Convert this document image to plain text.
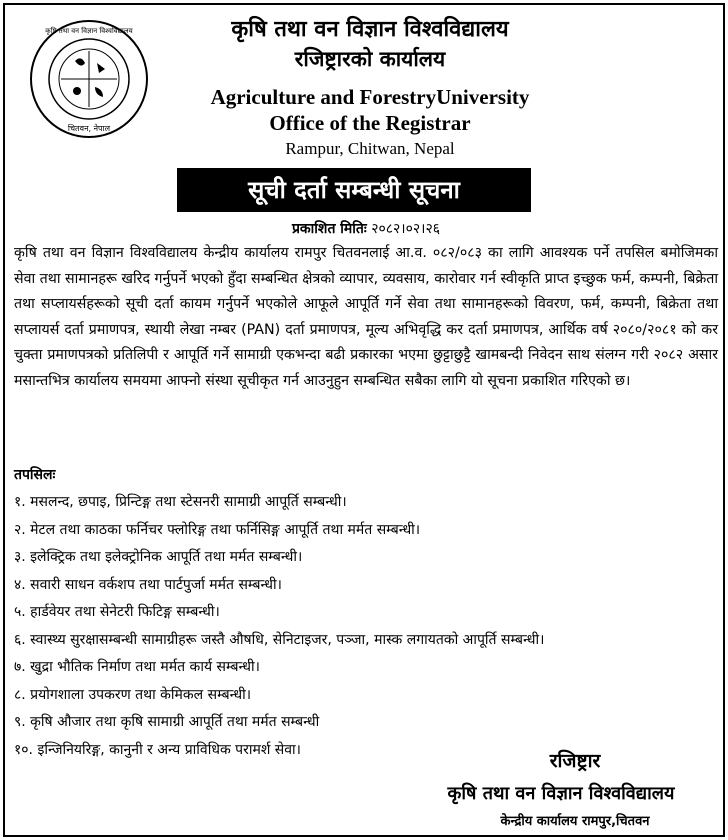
कृषि तथा वन विज्ञान विश्वविद्यालय
चितवन, नेपाल
कृषि तथा वन विज्ञान विश्वविद्यालय
रजिष्ट्रारको कार्यालय
Agriculture and ForestryUniversity
Office of the Registrar
Rampur, Chitwan, Nepal
सूची दर्ता सम्बन्धी सूचना
प्रकाशित मितिः २०८२।०२।२६

कृषि तथा वन विज्ञान विश्वविद्यालय केन्द्रीय कार्यालय रामपुर चितवनलाई आ.व. ०८२/०८३ का लागि आवश्यक पर्ने तपसिल बमोजिमका सेवा तथा सामानहरू खरिद गर्नुपर्ने भएको हुँदा सम्बन्धित क्षेत्रको व्यापार, व्यवसाय, कारोवार गर्न स्वीकृति प्राप्त इच्छुक फर्म, कम्पनी, बिक्रेता तथा सप्लायर्सहरूको सूची दर्ता कायम गर्नुपर्ने भएकोले आफूले आपूर्ति गर्ने सेवा तथा सामानहरूको विवरण, फर्म, कम्पनी, बिक्रेता तथा सप्लायर्स दर्ता प्रमाणपत्र, स्थायी लेखा नम्बर (PAN) दर्ता प्रमाणपत्र, मूल्य अभिवृद्धि कर दर्ता प्रमाणपत्र, आर्थिक वर्ष २०८०/२०८१ को कर चुक्ता प्रमाणपत्रको प्रतिलिपी र आपूर्ति गर्ने सामाग्री एकभन्दा बढी प्रकारका भएमा छुट्टाछुट्टै खामबन्दी निवेदन साथ संलग्न गरी २०८२ असार मसान्तभित्र कार्यालय समयमा आफ्नो संस्था सूचीकृत गर्न आउनुहुन सम्बन्धित सबैका लागि यो सूचना प्रकाशित गरिएको छ।

तपसिलः
१. मसलन्द, छपाइ, प्रिन्टिङ्ग तथा स्टेसनरी सामाग्री आपूर्ति सम्बन्धी।
२. मेटल तथा काठका फर्निचर फ्लोरिङ्ग तथा फर्निसिङ्ग आपूर्ति तथा मर्मत सम्बन्धी।
३. इलेक्ट्रिक तथा इलेक्ट्रोनिक आपूर्ति तथा मर्मत सम्बन्धी।
४. सवारी साधन वर्कशप तथा पार्टपुर्जा मर्मत सम्बन्धी।
५. हार्डवेयर तथा सेनेटरी फिटिङ्ग सम्बन्धी।
६. स्वास्थ्य सुरक्षासम्बन्धी सामाग्रीहरू जस्तै औषधि, सेनिटाइजर, पञ्जा, मास्क लगायतको आपूर्ति सम्बन्धी।
७. खुद्रा भौतिक निर्माण तथा मर्मत कार्य सम्बन्धी।
८. प्रयोगशाला उपकरण तथा केमिकल सम्बन्धी।
९. कृषि औजार तथा कृषि सामाग्री आपूर्ति तथा मर्मत सम्बन्धी
१०. इन्जिनियरिङ्ग, कानुनी र अन्य प्राविधिक परामर्श सेवा।
रजिष्ट्रार
कृषि तथा वन विज्ञान विश्वविद्यालय
केन्द्रीय कार्यालय रामपुर,चितवन
